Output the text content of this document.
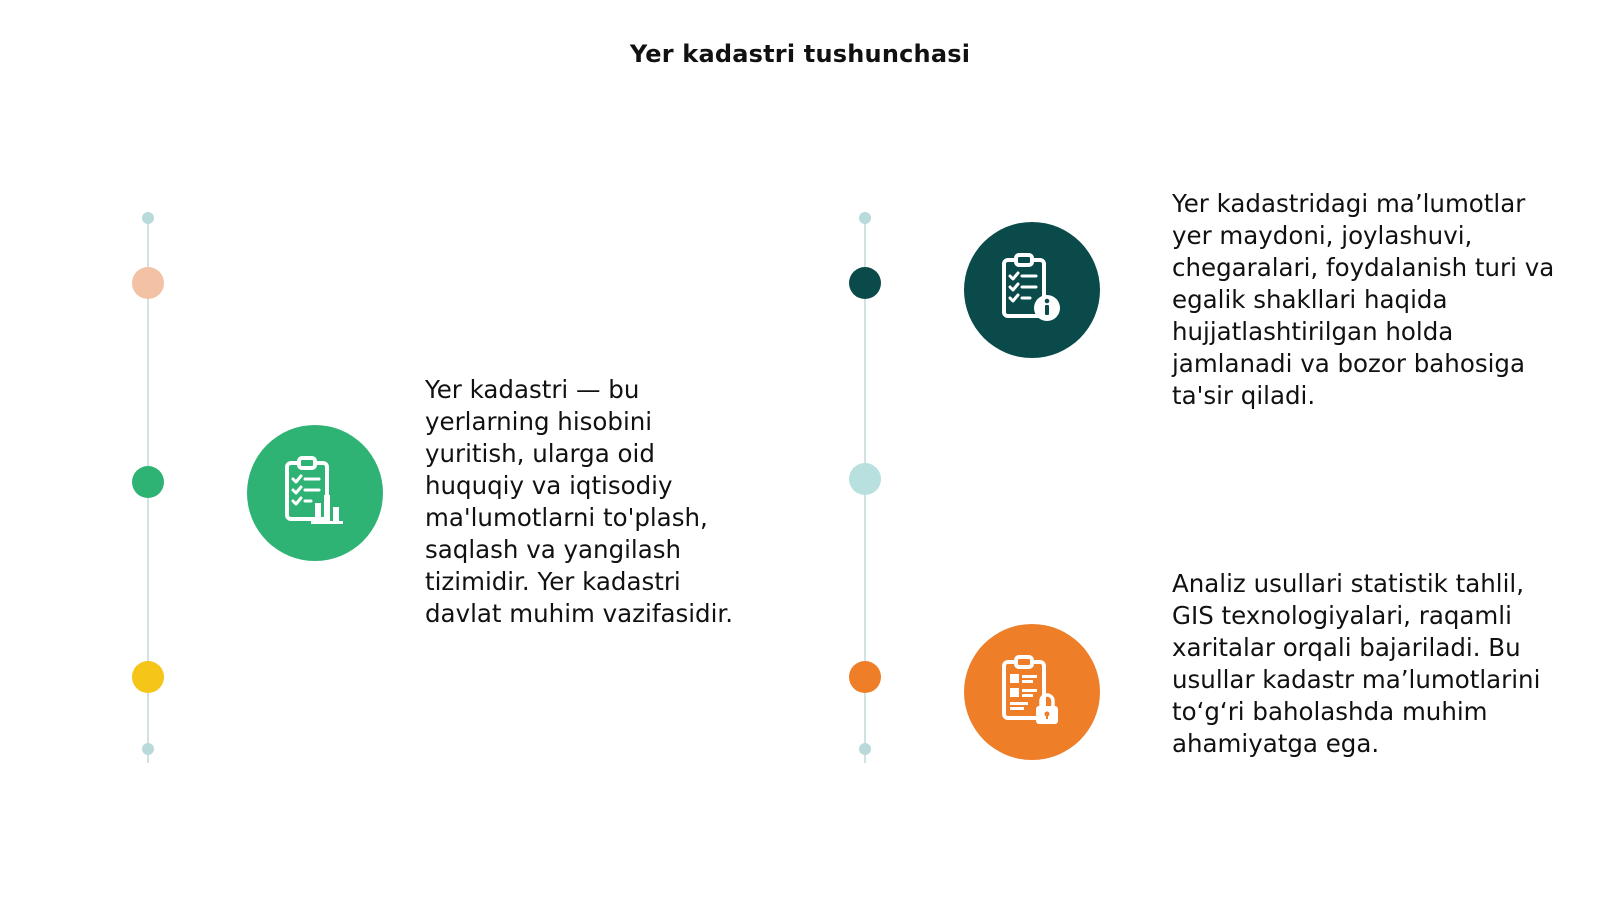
Yer kadastri tushunchasi
Yer kadastri — bu yerlarning hisobini yuritish, ularga oid huquqiy va iqtisodiy ma'lumotlarni to'plash, saqlash va yangilash tizimidir. Yer kadastri davlat muhim vazifasidir.
Yer kadastridagi ma’lumotlar yer maydoni, joylashuvi, chegaralari, foydalanish turi va egalik shakllari haqida hujjatlashtirilgan holda jamlanadi va bozor bahosiga ta'sir qiladi.
Analiz usullari statistik tahlil, GIS texnologiyalari, raqamli xaritalar orqali bajariladi. Bu usullar kadastr ma’lumotlarini to‘g‘ri baholashda muhim ahamiyatga ega.
